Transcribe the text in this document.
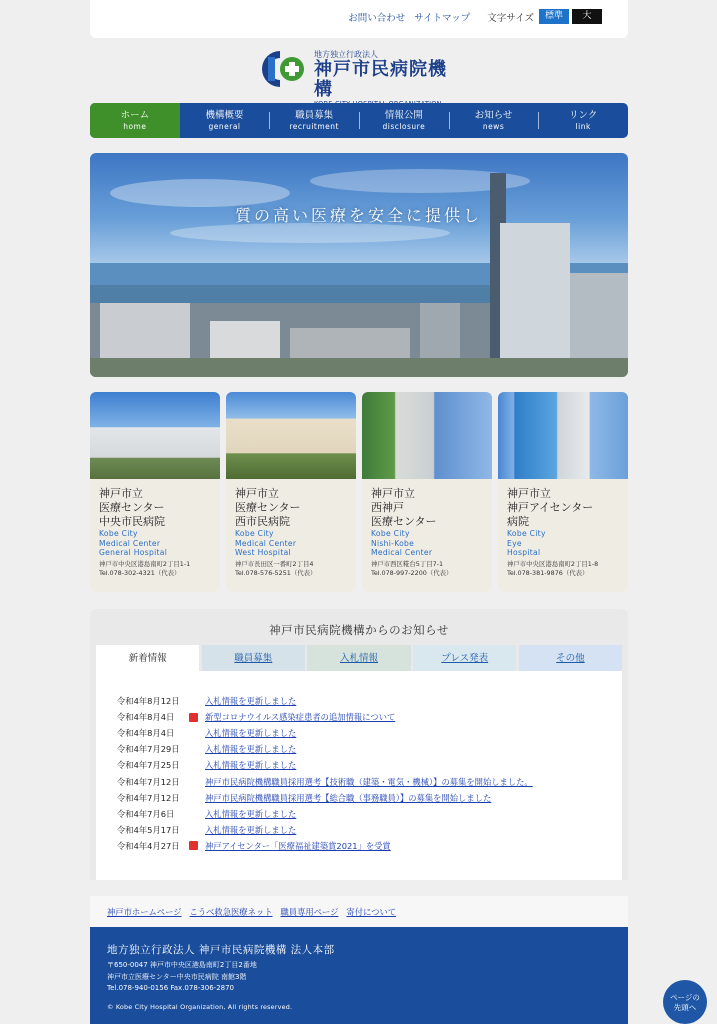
お問い合わせ サイトマップ 文字サイズ	標準	大
地方独立行政法人
神戸市民病院機構
ホーム
home
機構概要
general
職員募集
recruitment
情報公開
disclosure
お知らせ
news
リンク
link
質の高い医療を安全に提供し
神戸市立
医療センター
中央市民病院
Kobe City
Medical Center
General Hospital
神戸市中央区港島南町2丁目1-1
Tel.078-302-4321（代表）
神戸市立
医療センター
西市民病院
Kobe City
Medical Center
West Hospital
神戸市長田区一番町2丁目4
Tel.078-576-5251（代表）
神戸市立
西神戸
医療センター
Kobe City
Nishi-Kobe
Medical Center
神戸市西区糀台5丁目7-1
Tel.078-997-2200（代表）
神戸市立
神戸アイセンター
病院
Kobe City
Eye
Hospital
神戸市中央区港島南町2丁目1-8
Tel.078-381-9876（代表）
神戸市民病院機構からのお知らせ
新着情報	職員募集	入札情報	プレス発表	その他
令和4年8月12日	入札情報を更新しました
令和4年8月4日	新型コロナウイルス感染症患者の追加情報について
令和4年8月4日	入札情報を更新しました
令和4年7月29日	入札情報を更新しました
令和4年7月25日	入札情報を更新しました
令和4年7月12日	神戸市民病院機構職員採用選考【技術職（建築・電気・機械）】の募集を開始しました。
令和4年7月12日	神戸市民病院機構職員採用選考【総合職（事務職員）】の募集を開始しました
令和4年7月6日	入札情報を更新しました
令和4年5月17日	入札情報を更新しました
令和4年4月27日	神戸アイセンター「医療福祉建築賞2021」を受賞
神戸市ホームページ こうべ救急医療ネット 職員専用ページ 寄付について
地方独立行政法人 神戸市民病院機構 法人本部
〒650-0047 神戸市中央区港島南町2丁目2番地
神戸市立医療センター中央市民病院 南館3階
Tel.078-940-0156 Fax.078-306-2870
© Kobe City Hospital Organization, All rights reserved.
ページの
先頭へ
